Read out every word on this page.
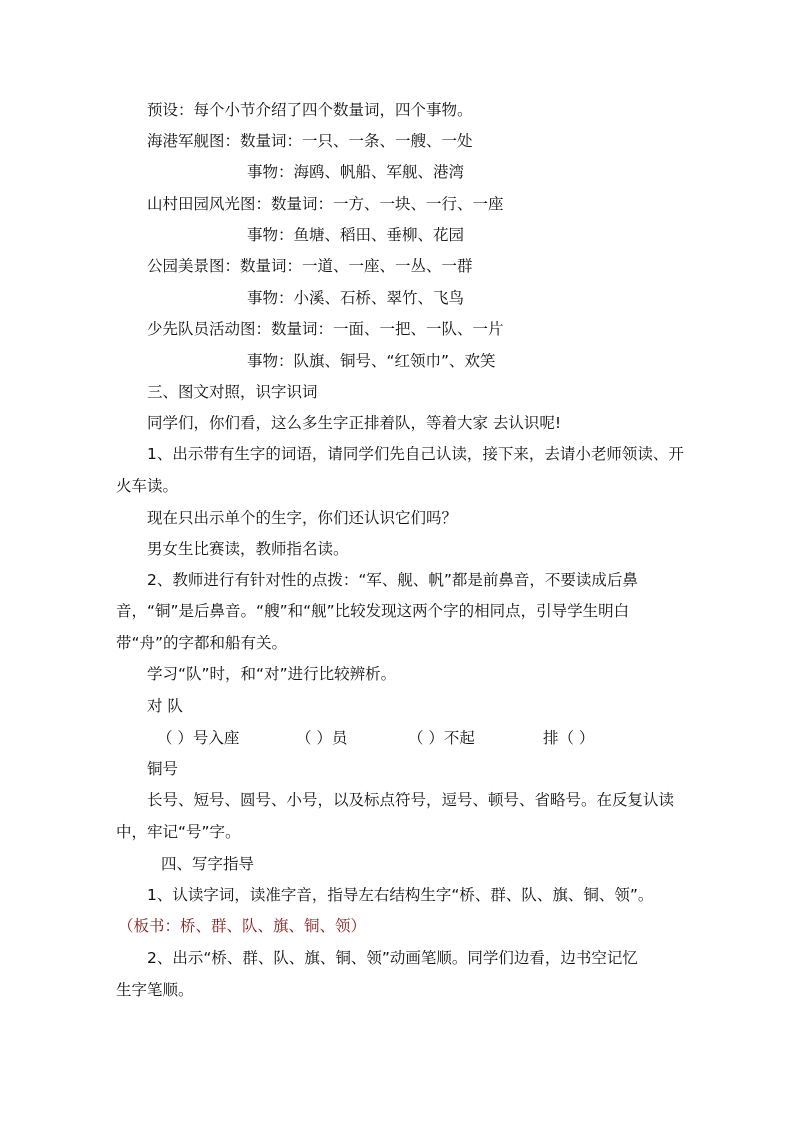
预设：每个小节介绍了四个数量词，四个事物。
海港军舰图：数量词：一只、一条、一艘、一处
事物：海鸥、帆船、军舰、港湾
山村田园风光图：数量词：一方、一块、一行、一座
事物：鱼塘、稻田、垂柳、花园
公园美景图：数量词：一道、一座、一丛、一群
事物：小溪、石桥、翠竹、飞鸟
少先队员活动图：数量词：一面、一把、一队、一片
事物：队旗、铜号、“红领巾”、欢笑
三、图文对照，识字识词
同学们，你们看，这么多生字正排着队，等着大家 去认识呢!
1、出示带有生字的词语，请同学们先自己认读，接下来，去请小老师领读、开
火车读。
现在只出示单个的生字，你们还认识它们吗？
男女生比赛读，教师指名读。
2、教师进行有针对性的点拨：“军、舰、帆”都是前鼻音，不要读成后鼻
音，“铜”是后鼻音。“艘”和“舰”比较发现这两个字的相同点，引导学生明白
带“舟”的字都和船有关。
学习“队”时，和“对”进行比较辨析。
对 队
（ ）号入座	（ ）员	（ ）不起	排（ ）
铜号
长号、短号、圆号、小号，以及标点符号，逗号、顿号、省略号。在反复认读
中，牢记“号”字。
四、写字指导
1、认读字词，读准字音，指导左右结构生字“桥、群、队、旗、铜、领”。
（板书：桥、群、队、旗、铜、领）
2、出示“桥、群、队、旗、铜、领”动画笔顺。同学们边看，边书空记忆
生字笔顺。
